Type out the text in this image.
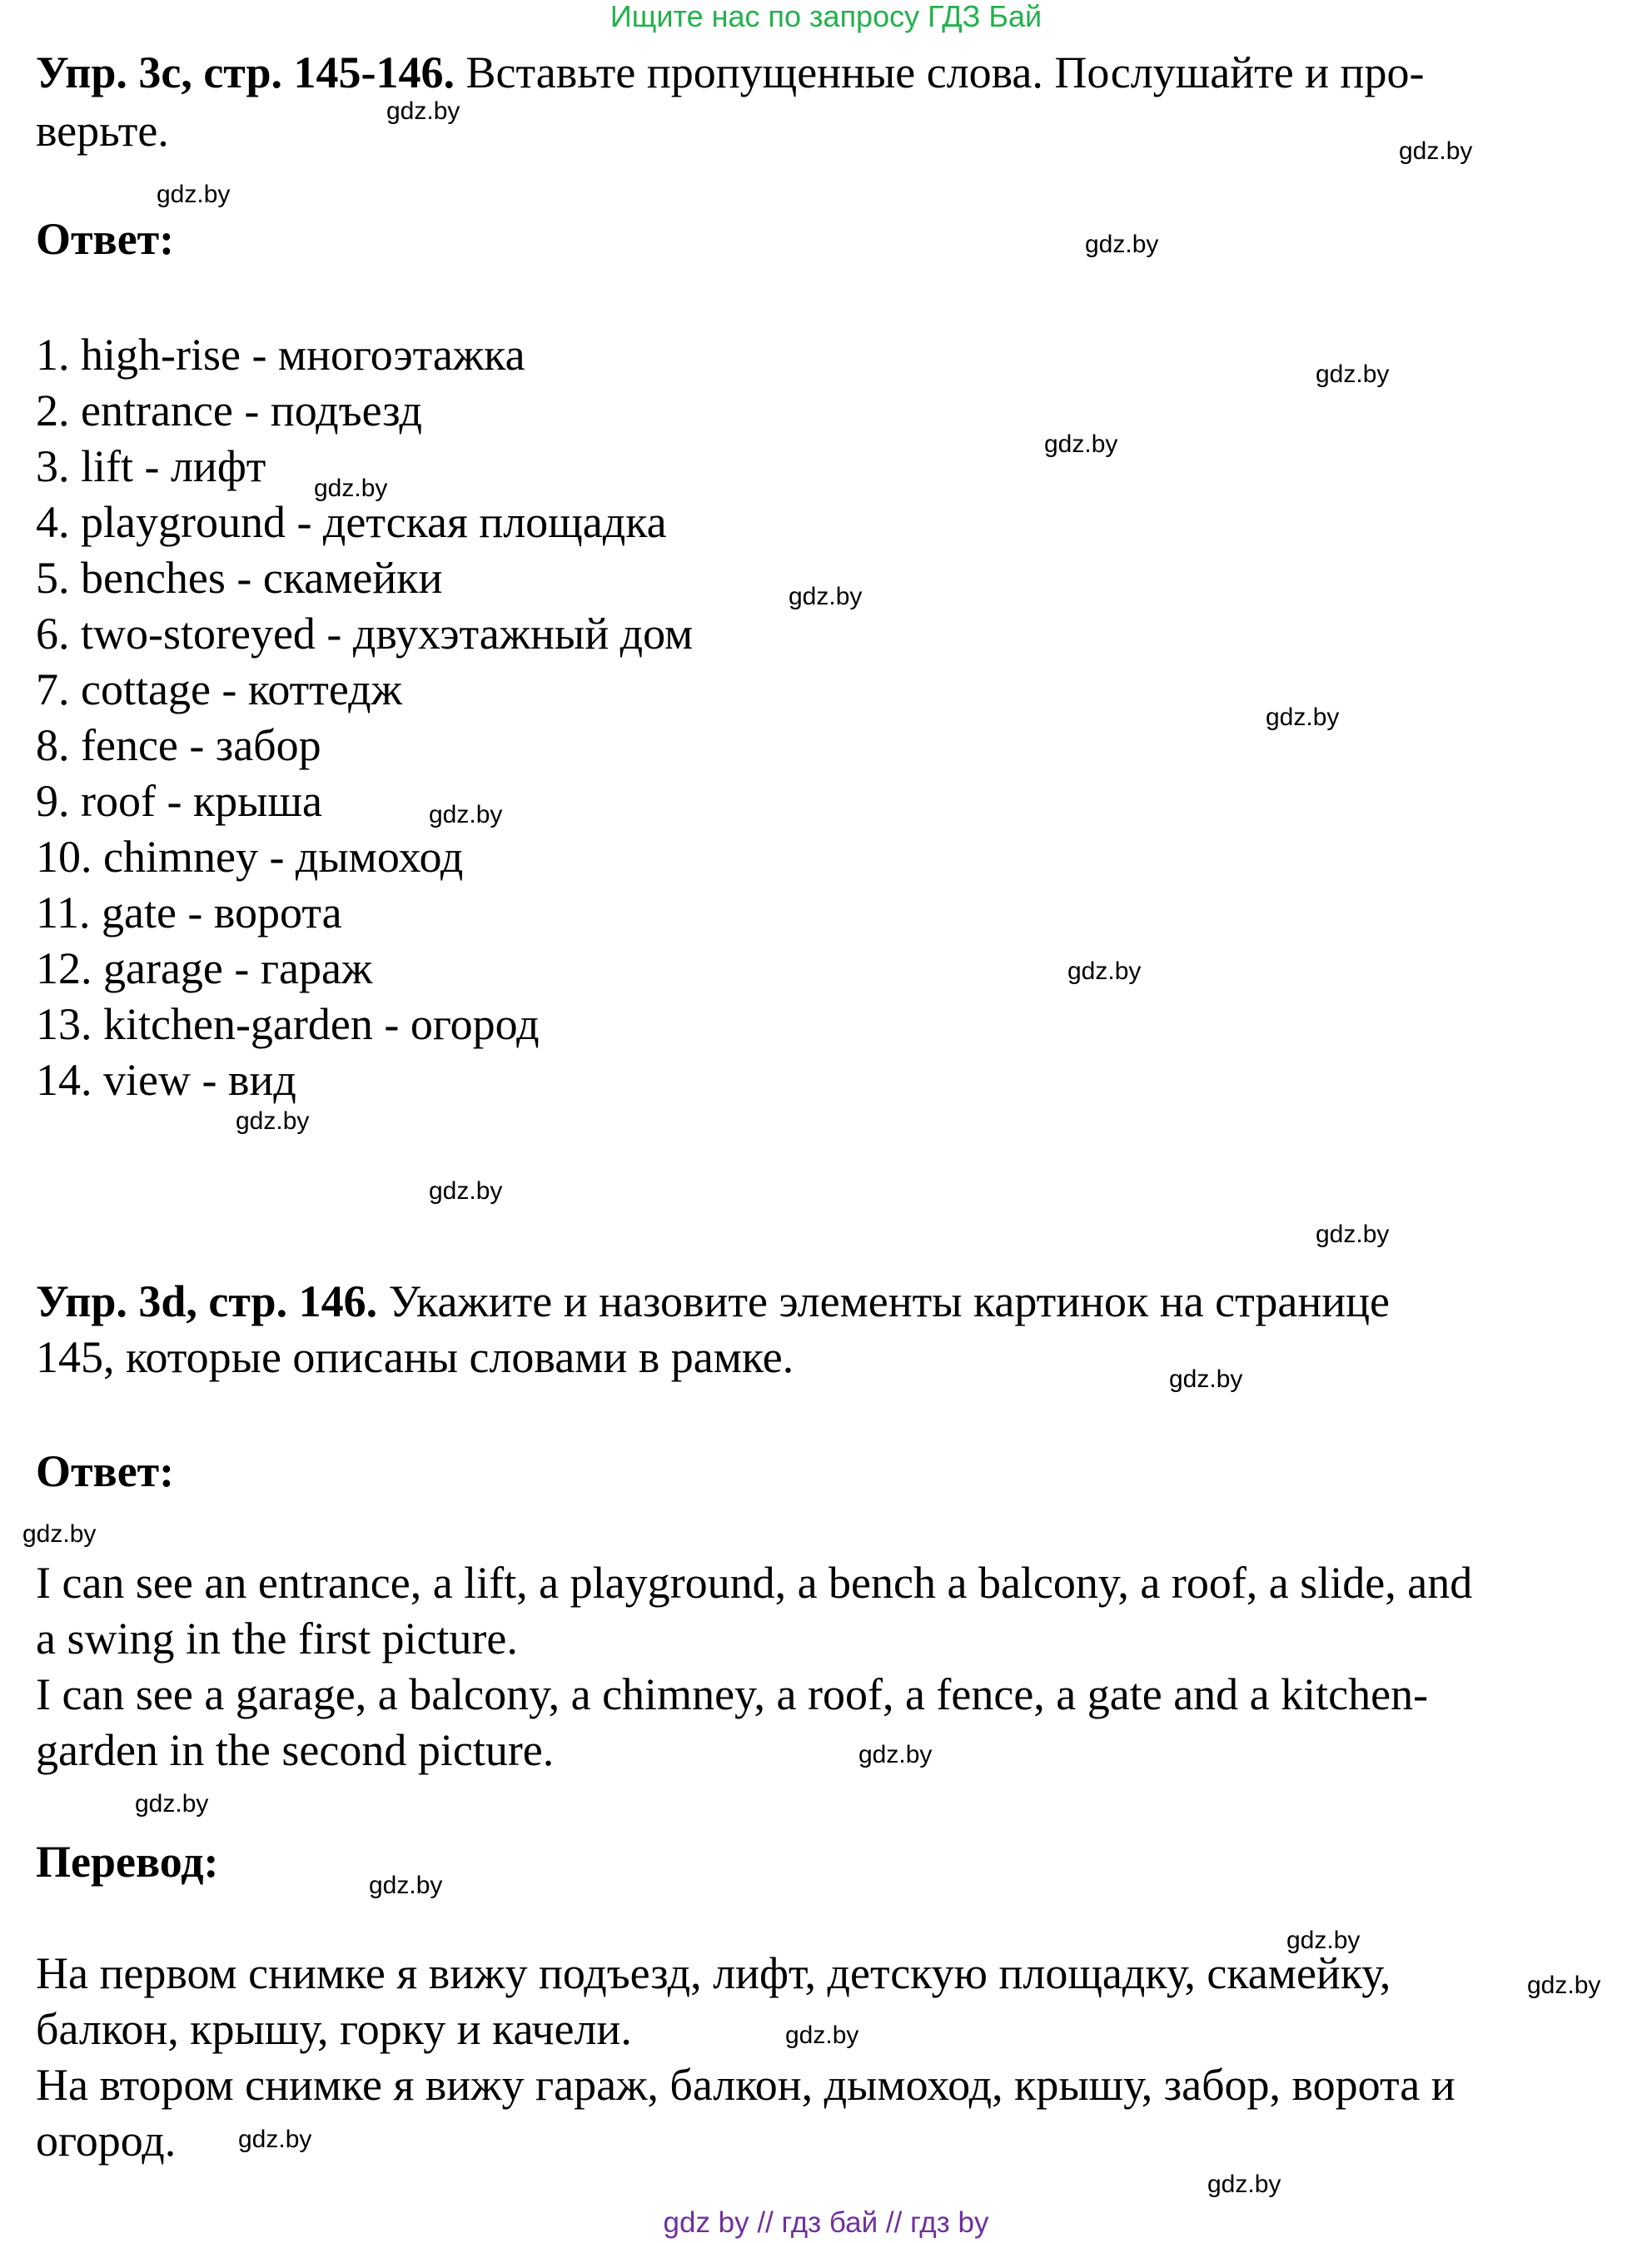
Ищите нас по запросу ГДЗ Бай
Упр. 3c, стр. 145-146. Вставьте пропущенные слова. Послушайте и про-
верьте.
Ответ:
1. high-rise - многоэтажка
2. entrance - подъезд
3. lift - лифт
4. playground - детская площадка
5. benches - скамейки
6. two-storeyed - двухэтажный дом
7. cottage - коттедж
8. fence - забор
9. roof - крыша
10. chimney - дымоход
11. gate - ворота
12. garage - гараж
13. kitchen-garden - огород
14. view - вид
Упр. 3d, стр. 146. Укажите и назовите элементы картинок на странице
145, которые описаны словами в рамке.
Ответ:
I can see an entrance, a lift, a playground, a bench a balcony, a roof, a slide, and
a swing in the first picture.
I can see a garage, a balcony, a chimney, a roof, a fence, a gate and a kitchen-
garden in the second picture.
Перевод:
На первом снимке я вижу подъезд, лифт, детскую площадку, скамейку,
балкон, крышу, горку и качели.
На втором снимке я вижу гараж, балкон, дымоход, крышу, забор, ворота и
огород.
gdz.by
gdz.by
gdz.by
gdz.by
gdz.by
gdz.by
gdz.by
gdz.by
gdz.by
gdz.by
gdz.by
gdz.by
gdz.by
gdz.by
gdz.by
gdz.by
gdz.by
gdz.by
gdz.by
gdz.by
gdz.by
gdz.by
gdz.by
gdz.by
gdz by // гдз бай // гдз by
